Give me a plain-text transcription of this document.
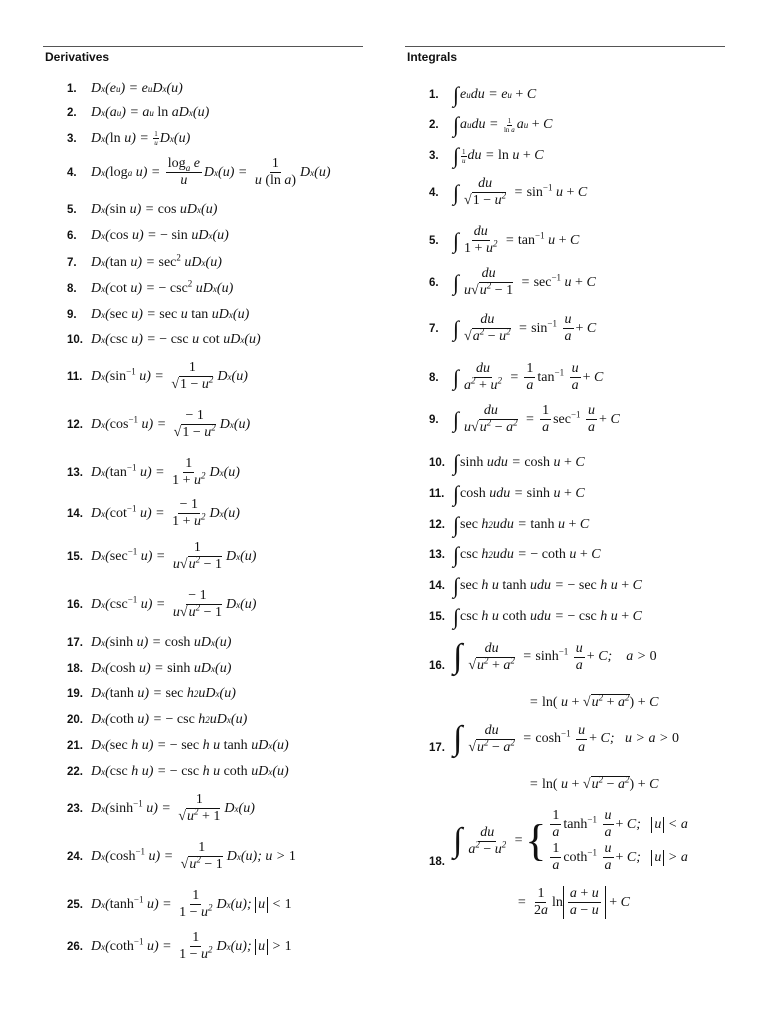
Derivatives
1.	D x (e u ) = e u D x (u)
2.	D x (a u ) = a u
ln aD x (u)
3.	D x ( ln u) = 1
u D x (u)
4.	D x ( log a $u) = \frac{\log_a e}{u}$ D x $(u) = \frac{1}{\text{u (ln a)}}$ D x (u)
5.	D x ( sin u) = cos uD x (u)
6.	D x ( cos u) = − sin uD x (u)
7.	D x ( $\tan u) = \sec^2$ uD x (u)
8.	D x ( cot u) = − $\csc^2$ uD x (u)
9.	D x ( sec u) = sec u tan uD x (u)
10. D x ( csc u) = − csc u cot uD x (u)
11. D x ( $\sin^{-1} u) = \frac{1}{√1 - u^2}$ D x (u)
12. D x ( $\cos^{-1} u) = \frac{- 1}{√1 - u^2}$ D x (u)
13. D x ( $\tan^{-1} u) = \frac{1}{1 + u^2}$ D x (u)
14. D x ( $\cot^{-1} u) = \frac{- 1}{1 + u^2}$ D x (u)
15. D x ( $\sec^{-1} u) = \frac{1}{u√u^2 - 1}$ D x (u)
16. D x ( $\csc^{-1} u) = \frac{- 1}{u√u^2 - 1}$ D x (u)
17. D x ( sinh u) = cosh uD x (u)
18. D x ( cosh u) = sinh uD x (u)
19. D x ( tanh u) = sec h 2 uD x (u)
20. D x ( coth u) = − csc h 2 uD x (u)
21. D x ( sec h u) = − sec h u tanh uD x (u)
22. D x ( csc h u) = − csc h u coth uD x (u)
23. D x ( $\sinh^{-1} u) = \frac{1}{√u^2 + 1}$ D x (u)
24. D x ( $\cosh^{-1} u) = \frac{1}{√u^2 - 1}$ D x (u); u > 1
25. D x ( $\tanh^{-1} u) = \frac{1}{1 - u^2}$ D x (u); u < 1
26. D x ( coth$^{-1}$ $u) = \frac{1}{1 - u^2}$ D x (u); u > 1
Integrals
1. ∫ e u du = e u
+ C
2. ∫ a u du = 1
ln a a u
+ C
3. ∫ 1
u du = ln u + C
4. ∫ $\frac{du}{√1 - u^2} = \sin^{-1} u + C$
5. ∫ $\frac{du}{1 + u^2} = \tan^{-1} u + C$
6. ∫ $\frac{du}{u√u^2 - 1} = \sec^{-1} u + C$
7. ∫ $\frac{du}{√a^2 - u^2} = \sin^{-1}$
$\frac{u}{a} + C$
8. ∫ $\frac{du}{a^2 + u^2} = \frac{1}{a} \tan^{-1}$
$\frac{u}{a} + C$
9. ∫ $\frac{du}{u√u^2 - a^2} = \frac{1}{a} \sec^{-1}$
$\frac{u}{a} + C$
10. ∫ sinh udu = cosh u + C
11. ∫ cosh udu = sinh u + C
12. ∫ sec h 2 udu = tanh u + C
13. ∫ csc h 2 udu = − coth u + C
14. ∫ sec h u tanh udu = − sec h u + C
15. ∫ csc h u coth udu = − csc h u + C
16. ∫ $\frac{du}{√u^2 + a^2} = \sinh^{-1}$
$\frac{u}{a} + C$;    a > 0
= ln( u +
√ $u^2 + a^2$ )
+ C
17. ∫ $\frac{du}{√u^2 - a^2} = \cosh^{-1}$
$\frac{u}{a} + C$;   u > a > 0
= ln( u +
√ $u^2 - a^2$ )
+ C
18.
∫ $\frac{du}{a^2 - u^2}$ = { $\frac{1}{a} \tanh^{-1}$
$\frac{u}{a} + C$; u < a
$\frac{1}{a} \cot h^{-1}$
$\frac{u}{a} + C$; u > a
= $\frac{1}{2a}$ $\ln \frac{a + u}{a - u}$
+ C
